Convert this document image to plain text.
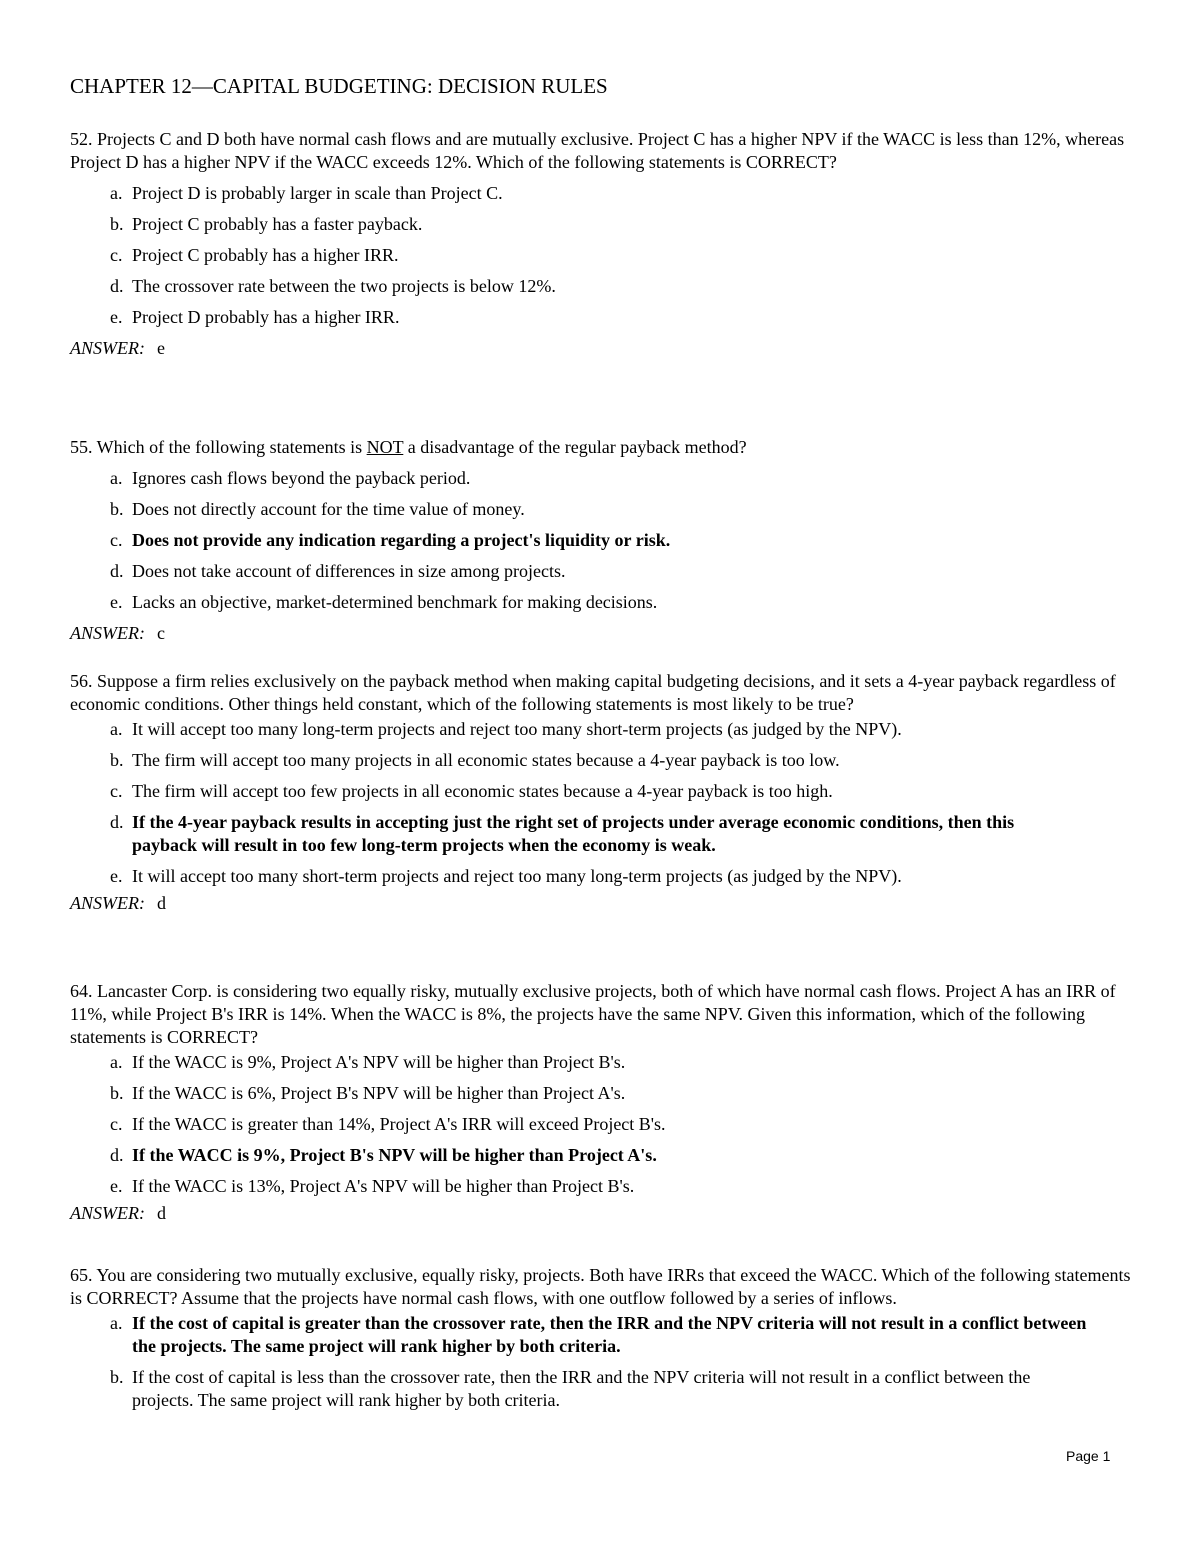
CHAPTER 12—CAPITAL BUDGETING: DECISION RULES
52. Projects C and D both have normal cash flows and are mutually exclusive. Project C has a higher NPV if the WACC is less than 12%, whereas Project D has a higher NPV if the WACC exceeds 12%. Which of the following statements is CORRECT?
a. Project D is probably larger in scale than Project C.
b. Project C probably has a faster payback.
c. Project C probably has a higher IRR.
d. The crossover rate between the two projects is below 12%.
e. Project D probably has a higher IRR.
ANSWER: e
55. Which of the following statements is NOT a disadvantage of the regular payback method?
a. Ignores cash flows beyond the payback period.
b. Does not directly account for the time value of money.
c. Does not provide any indication regarding a project's liquidity or risk.
d. Does not take account of differences in size among projects.
e. Lacks an objective, market-determined benchmark for making decisions.
ANSWER: c
56. Suppose a firm relies exclusively on the payback method when making capital budgeting decisions, and it sets a 4-year payback regardless of economic conditions. Other things held constant, which of the following statements is most likely to be true?
a. It will accept too many long-term projects and reject too many short-term projects (as judged by the NPV).
b. The firm will accept too many projects in all economic states because a 4-year payback is too low.
c. The firm will accept too few projects in all economic states because a 4-year payback is too high.
d. If the 4-year payback results in accepting just the right set of projects under average economic conditions, then this payback will result in too few long-term projects when the economy is weak.
e. It will accept too many short-term projects and reject too many long-term projects (as judged by the NPV).
ANSWER: d
64. Lancaster Corp. is considering two equally risky, mutually exclusive projects, both of which have normal cash flows. Project A has an IRR of 11%, while Project B's IRR is 14%. When the WACC is 8%, the projects have the same NPV. Given this information, which of the following statements is CORRECT?
a. If the WACC is 9%, Project A's NPV will be higher than Project B's.
b. If the WACC is 6%, Project B's NPV will be higher than Project A's.
c. If the WACC is greater than 14%, Project A's IRR will exceed Project B's.
d. If the WACC is 9%, Project B's NPV will be higher than Project A's.
e. If the WACC is 13%, Project A's NPV will be higher than Project B's.
ANSWER: d
65. You are considering two mutually exclusive, equally risky, projects. Both have IRRs that exceed the WACC. Which of the following statements is CORRECT? Assume that the projects have normal cash flows, with one outflow followed by a series of inflows.
a. If the cost of capital is greater than the crossover rate, then the IRR and the NPV criteria will not result in a conflict between the projects. The same project will rank higher by both criteria.
b. If the cost of capital is less than the crossover rate, then the IRR and the NPV criteria will not result in a conflict between the projects. The same project will rank higher by both criteria.
Page 1
